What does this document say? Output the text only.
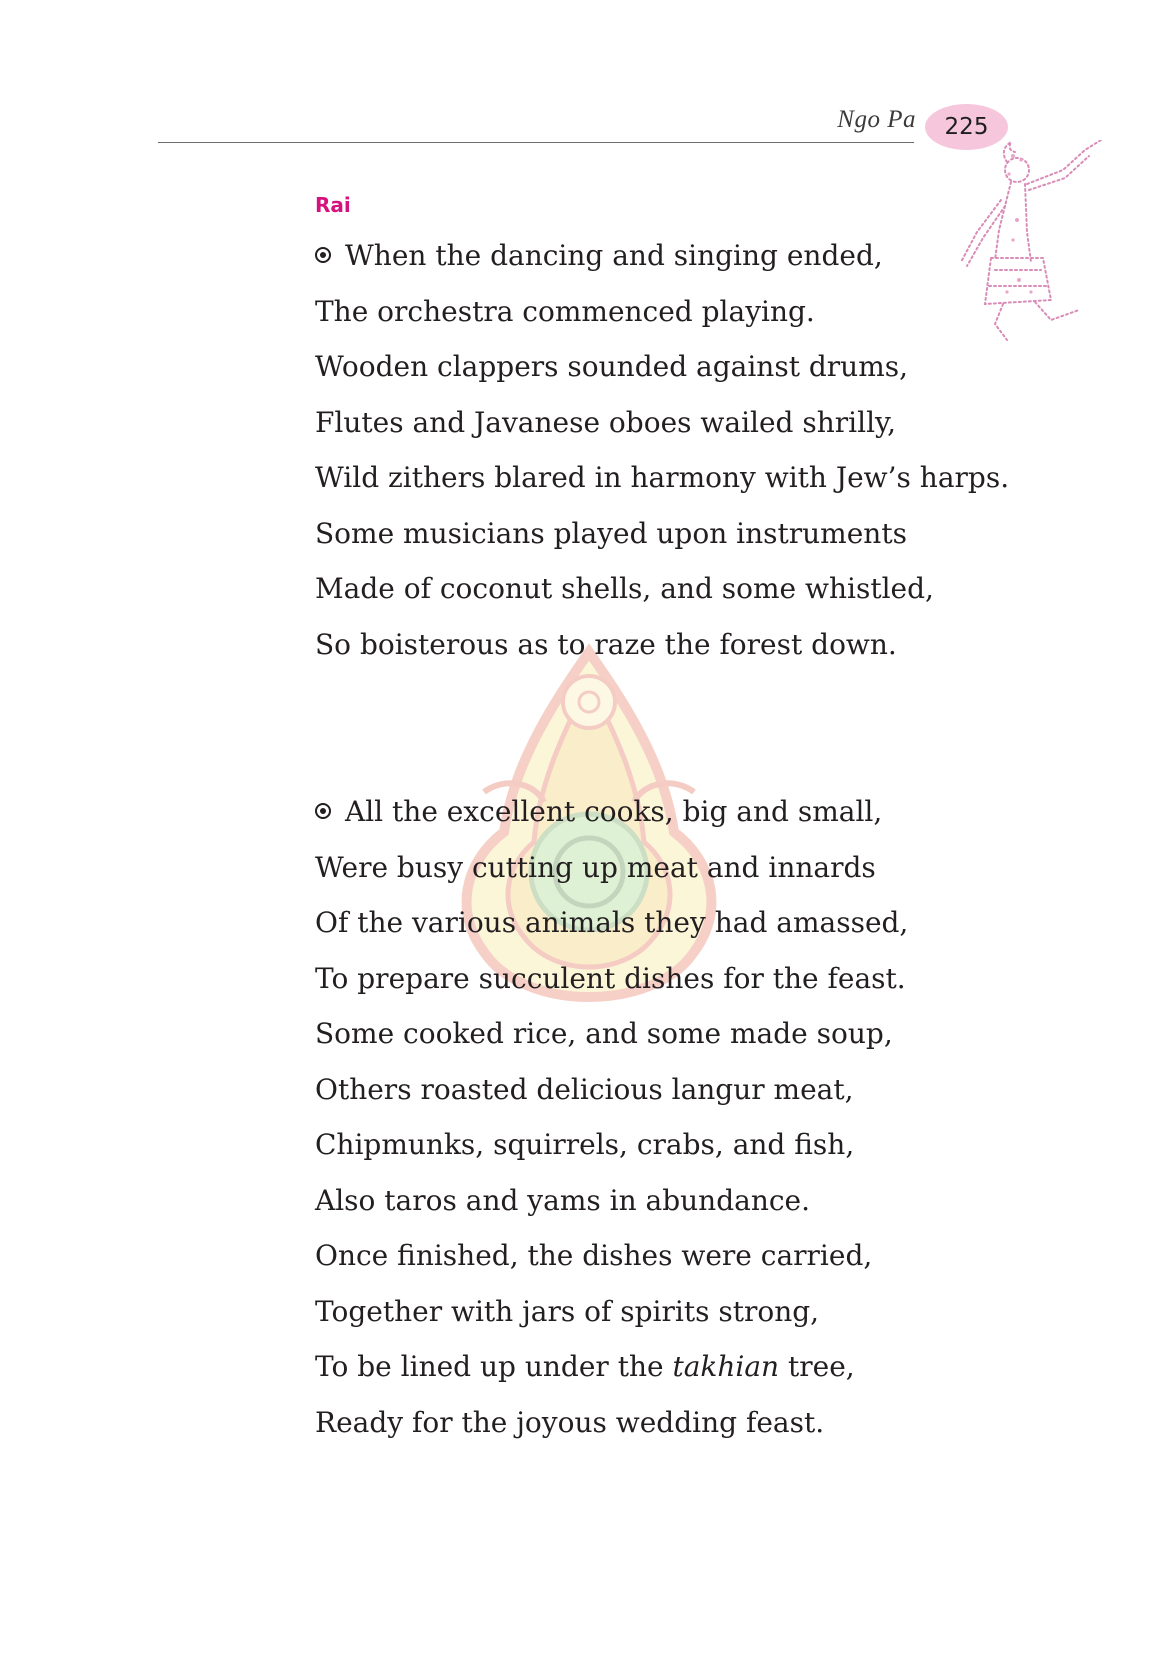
Ngo Pa 225
Rai
When the dancing and singing ended,
The orchestra commenced playing.
Wooden clappers sounded against drums,
Flutes and Javanese oboes wailed shrilly,
Wild zithers blared in harmony with Jew’s harps.
Some musicians played upon instruments
Made of coconut shells, and some whistled,
So boisterous as to raze the forest down.
All the excellent cooks, big and small,
Were busy cutting up meat and innards
Of the various animals they had amassed,
To prepare succulent dishes for the feast.
Some cooked rice, and some made soup,
Others roasted delicious langur meat,
Chipmunks, squirrels, crabs, and fish,
Also taros and yams in abundance.
Once finished, the dishes were carried,
Together with jars of spirits strong,
To be lined up under the takhian tree,
Ready for the joyous wedding feast.
